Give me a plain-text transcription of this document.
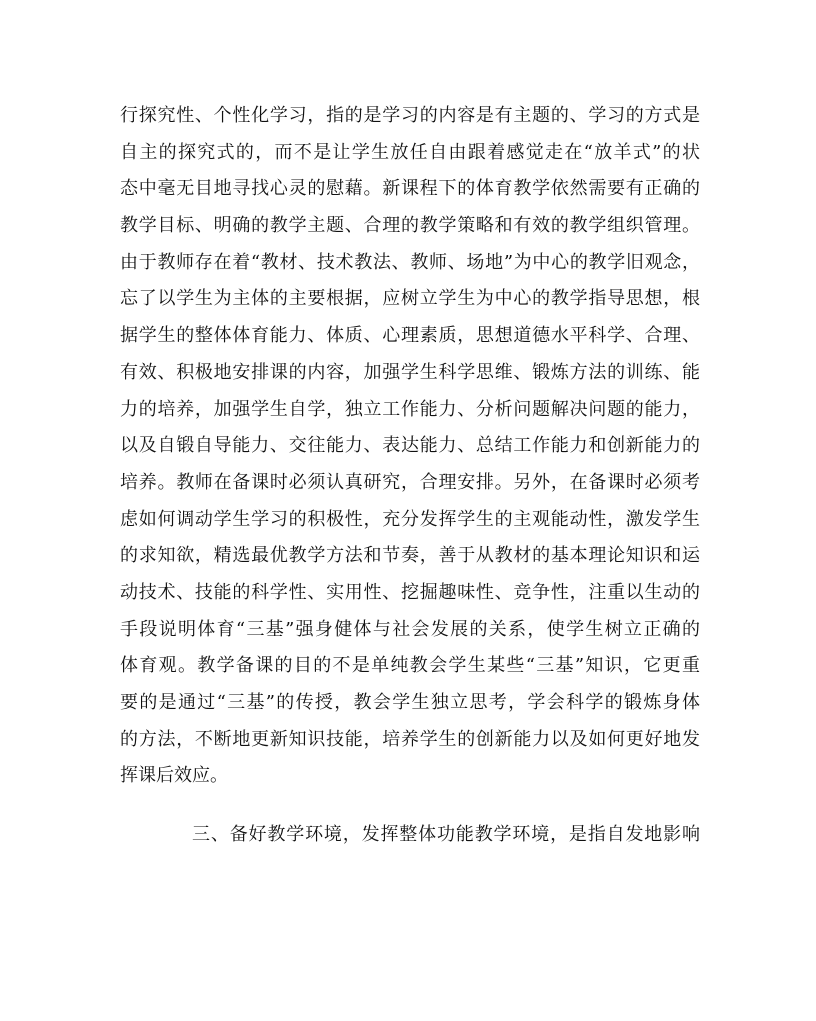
行探究性、个性化学习，指的是学习的内容是有主题的、学习的方式是
自主的探究式的，而不是让学生放任自由跟着感觉走在“放羊式”的状
态中毫无目地寻找心灵的慰藉。新课程下的体育教学依然需要有正确的
教学目标、明确的教学主题、合理的教学策略和有效的教学组织管理。
由于教师存在着“教材、技术教法、教师、场地”为中心的教学旧观念，
忘了以学生为主体的主要根据，应树立学生为中心的教学指导思想，根
据学生的整体体育能力、体质、心理素质，思想道德水平科学、合理、
有效、积极地安排课的内容，加强学生科学思维、锻炼方法的训练、能
力的培养，加强学生自学，独立工作能力、分析问题解决问题的能力，
以及自锻自导能力、交往能力、表达能力、总结工作能力和创新能力的
培养。教师在备课时必须认真研究，合理安排。另外，在备课时必须考
虑如何调动学生学习的积极性，充分发挥学生的主观能动性，激发学生
的求知欲，精选最优教学方法和节奏，善于从教材的基本理论知识和运
动技术、技能的科学性、实用性、挖掘趣味性、竞争性，注重以生动的
手段说明体育“三基”强身健体与社会发展的关系，使学生树立正确的
体育观。教学备课的目的不是单纯教会学生某些“三基”知识，它更重
要的是通过“三基”的传授，教会学生独立思考，学会科学的锻炼身体
的方法，不断地更新知识技能，培养学生的创新能力以及如何更好地发
挥课后效应。
三、备好教学环境，发挥整体功能教学环境，是指自发地影响
